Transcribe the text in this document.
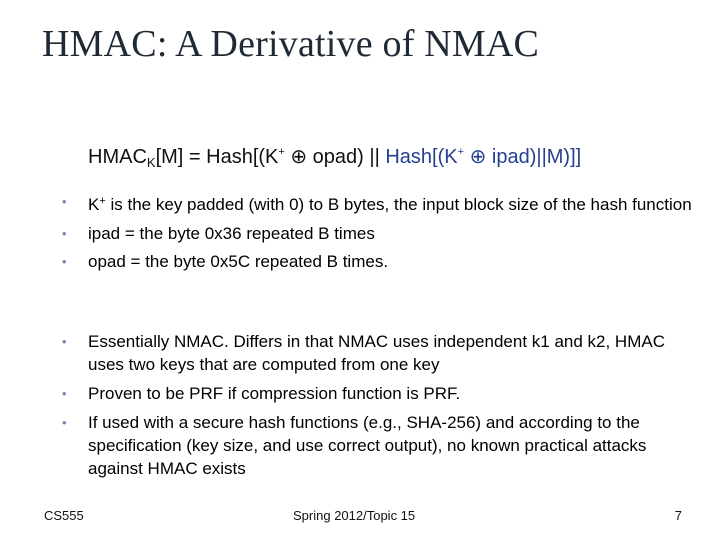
HMAC: A Derivative of NMAC
$HMAC_K[M]$ = Hash[(K+ ⊕ opad) || Hash[(K+ ⊕ ipad)||M)]]
• K+ is the key padded (with 0) to B bytes, the input block size of the hash function
• ipad = the byte 0x36 repeated B times
• opad = the byte 0x5C repeated B times.
• Essentially NMAC. Differs in that NMAC uses independent k1 and k2, HMAC uses two keys that are computed from one key
• Proven to be PRF if compression function is PRF.
• If used with a secure hash functions (e.g., SHA-256) and according to the specification (key size, and use correct output), no known practical attacks against HMAC exists
CS555	Spring 2012/Topic 15	7
